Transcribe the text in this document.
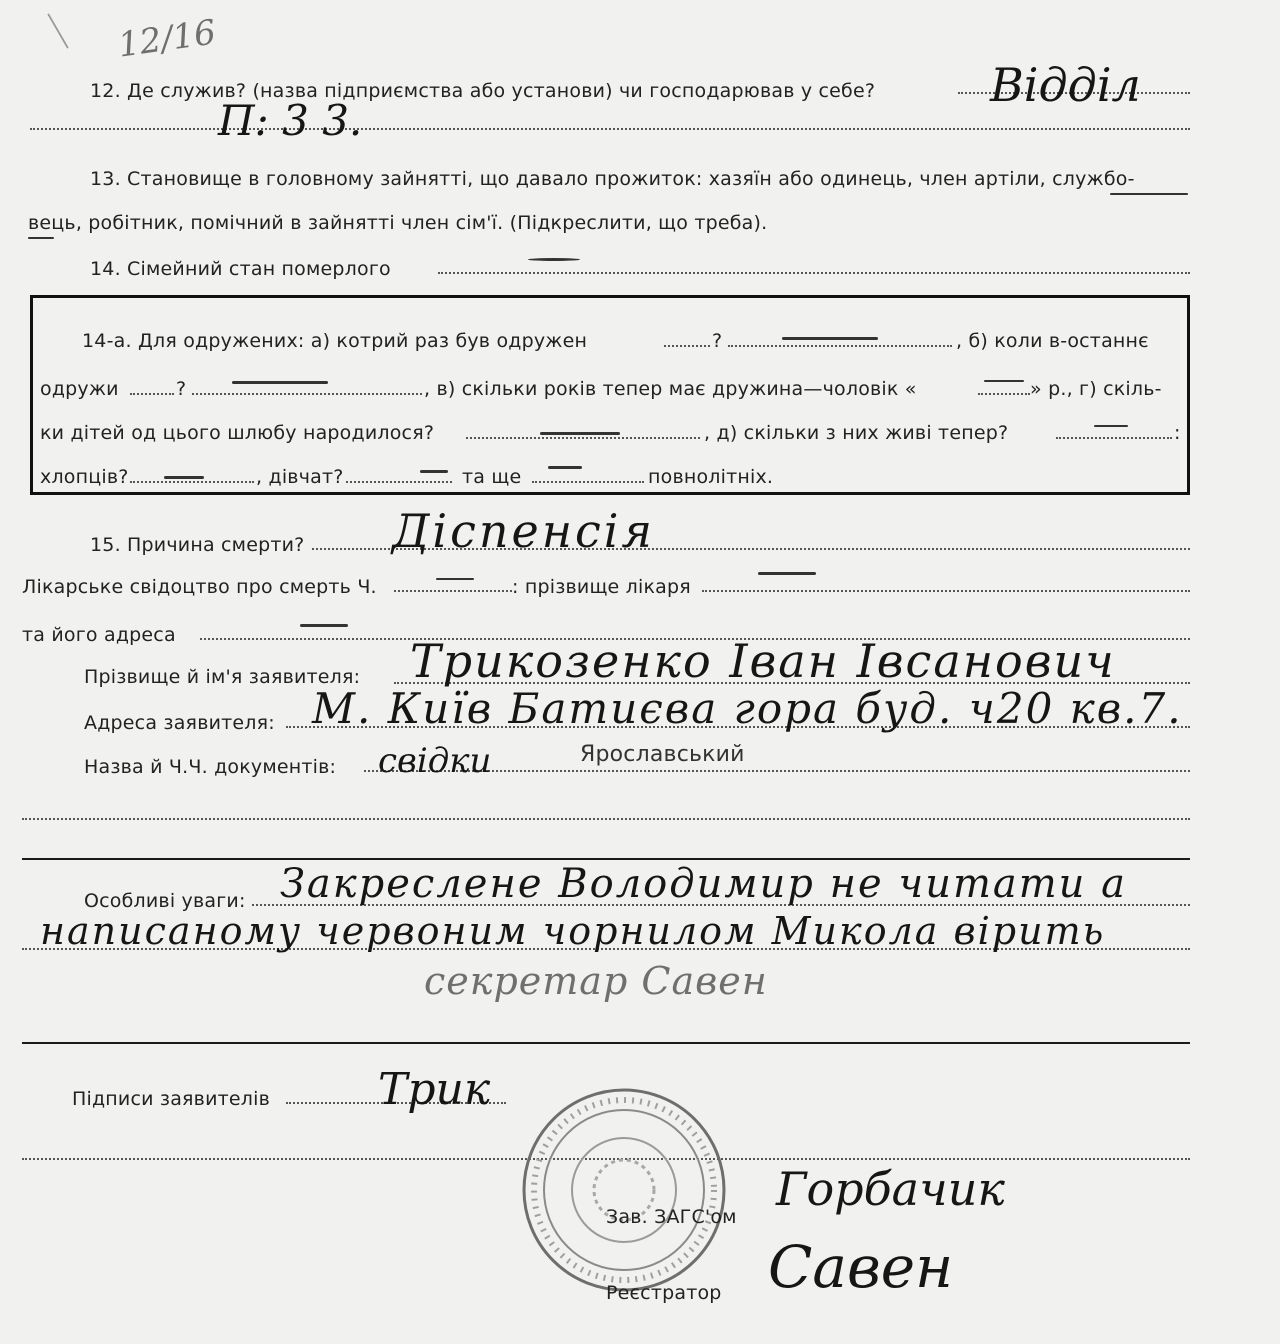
12/16
12. Де служив? (назва підприємства або установи) чи господарював у себе? Відділ
П: 3 3.
13. Становище в головному зайнятті, що давало прожиток: хазяїн або одинець, член артіли, службо-
вець, робітник, помічний в зайнятті член сім'ї. (Підкреслити, що треба).
14. Сімейний стан померлого
14-а. Для одружених: а) котрий раз був одружен	?	, б) коли в-останнє
одружи	?	, в) скільки років тепер має дружина—чоловік «	» р., г) скіль-
ки дітей од цього шлюбу народилося?	, д) скільки з них живі тепер?	:
хлопців?	, дівчат?	та ще	повнолітніх.
15. Причина смерти? Діспенсія
Лікарське свідоцтво про смерть Ч.	: прізвище лікаря
та його адреса
Прізвище й ім'я заявителя: Трикозенко Іван Івсанович
Адреса заявителя: М. Київ Батиєва гора буд. ч20 кв.7.
Назва й Ч.Ч. документів: свідки	Ярославський
Особливі уваги: Закреслене Володимир не читати а
написаному червоним чорнилом Микола вірить
секретар Савен
Підписи заявителів Трик
Зав. ЗАГС'ом
Горбачик
Реєстратор Савен
